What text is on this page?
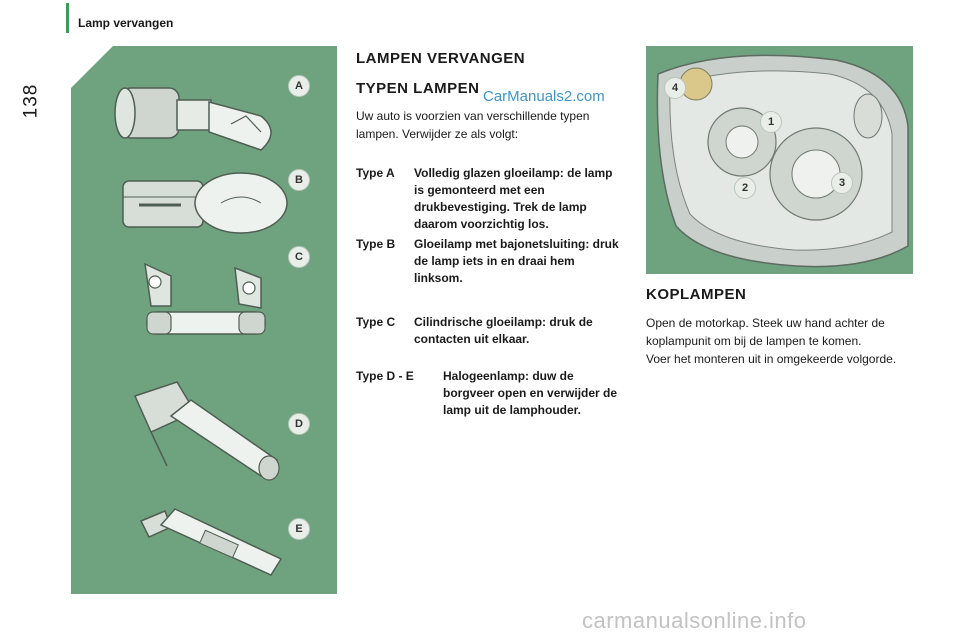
Lamp vervangen
138	A
B
C
D
E
LAMPEN VERVANGEN
TYPEN LAMPEN CarManuals2.com
Uw auto is voorzien van verschillende typen lampen. Verwijder ze als volgt:
Type A Volledig glazen gloeilamp: de lamp is gemonteerd met een drukbevestiging. Trek de lamp daarom voorzichtig los.
Type B Gloeilamp met bajonetsluiting: druk de lamp iets in en draai hem linksom.
Type C Cilindrische gloeilamp: druk de contacten uit elkaar.
Type D - E Halogeenlamp: duw de borgveer open en verwijder de lamp uit de lamphouder.
4
1
2	3
KOPLAMPEN
Open de motorkap. Steek uw hand achter de koplampunit om bij de lampen te komen.
Voer het monteren uit in omgekeerde volgorde.
carmanualsonline.info
